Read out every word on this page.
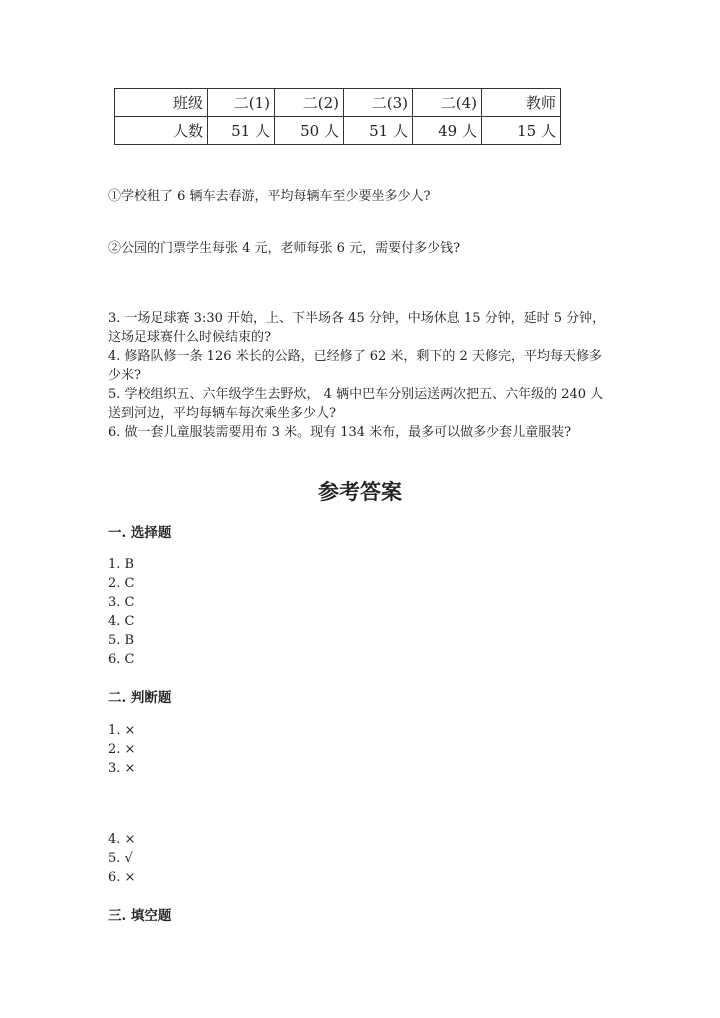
班级	二(1)	二(2)	二(3)	二(4)	教师
人数	51 人	50 人	51 人	49 人	15 人
①学校租了 6 辆车去春游，平均每辆车至少要坐多少人?
②公园的门票学生每张 4 元，老师每张 6 元，需要付多少钱?
3. 一场足球赛 3:30 开始，上、下半场各 45 分钟，中场休息 15 分钟，延时 5 分钟，这场足球赛什么时候结束的?
4. 修路队修一条 126 米长的公路，已经修了 62 米，剩下的 2 天修完，平均每天修多少米?
5. 学校组织五、六年级学生去野炊， 4 辆中巴车分别运送两次把五、六年级的 240 人送到河边，平均每辆车每次乘坐多少人?
6. 做一套儿童服装需要用布 3 米。现有 134 米布，最多可以做多少套儿童服装?
参考答案
一. 选择题
1. B
2. C
3. C
4. C
5. B
6. C
二. 判断题
1. ×
2. ×
3. ×
4. ×
5. √
6. ×
三. 填空题
